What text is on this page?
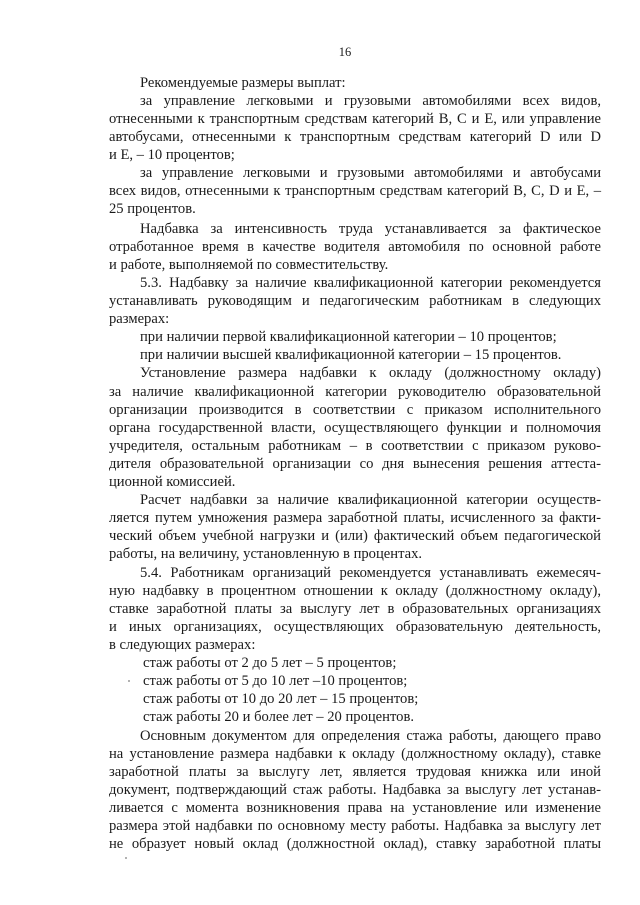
16
Рекомендуемые размеры выплат:
за управление легковыми и грузовыми автомобилями всех видов,
отнесенными к транспортным средствам категорий B, C и E, или управление
автобусами, отнесенными к транспортным средствам категорий D или D
и E, – 10 процентов;
за управление легковыми и грузовыми автомобилями и автобусами
всех видов, отнесенными к транспортным средствам категорий B, C, D и E, –
25 процентов.
Надбавка за интенсивность труда устанавливается за фактическое
отработанное время в качестве водителя автомобиля по основной работе
и работе, выполняемой по совместительству.
5.3. Надбавку за наличие квалификационной категории рекомендуется
устанавливать руководящим и педагогическим работникам в следующих
размерах:
при наличии первой квалификационной категории – 10 процентов;
при наличии высшей квалификационной категории – 15 процентов.
Установление размера надбавки к окладу (должностному окладу)
за наличие квалификационной категории руководителю образовательной
организации производится в соответствии с приказом исполнительного
органа государственной власти, осуществляющего функции и полномочия
учредителя, остальным работникам – в соответствии с приказом руково-
дителя образовательной организации со дня вынесения решения аттеста-
ционной комиссией.
Расчет надбавки за наличие квалификационной категории осуществ-
ляется путем умножения размера заработной платы, исчисленного за факти-
ческий объем учебной нагрузки и (или) фактический объем педагогической
работы, на величину, установленную в процентах.
5.4. Работникам организаций рекомендуется устанавливать ежемесяч-
ную надбавку в процентном отношении к окладу (должностному окладу),
ставке заработной платы за выслугу лет в образовательных организациях
и иных организациях, осуществляющих образовательную деятельность,
в следующих размерах:
стаж работы от 2 до 5 лет – 5 процентов;
стаж работы от 5 до 10 лет –10 процентов;
стаж работы от 10 до 20 лет – 15 процентов;
стаж работы 20 и более лет – 20 процентов.
Основным документом для определения стажа работы, дающего право
на установление размера надбавки к окладу (должностному окладу), ставке
заработной платы за выслугу лет, является трудовая книжка или иной
документ, подтверждающий стаж работы. Надбавка за выслугу лет устанав-
ливается с момента возникновения права на установление или изменение
размера этой надбавки по основному месту работы. Надбавка за выслугу лет
не образует новый оклад (должностной оклад), ставку заработной платы
